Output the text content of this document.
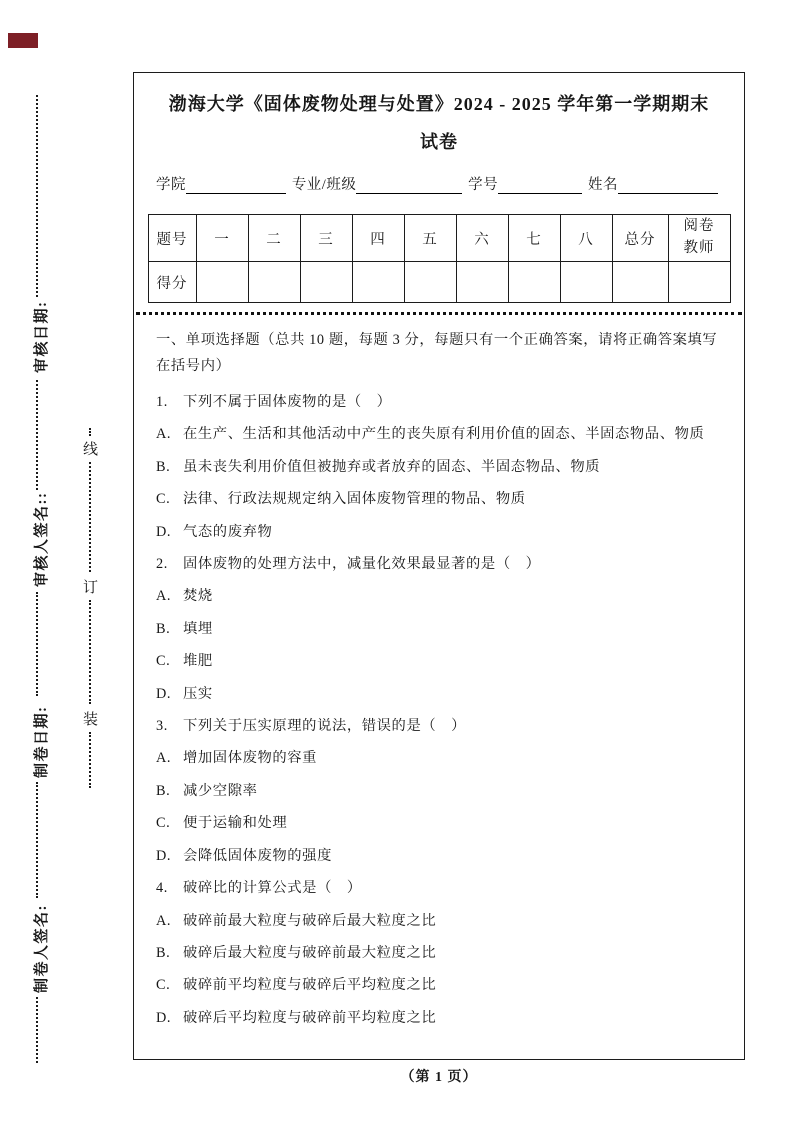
审核日期:
审核人签名::
制卷日期:
制卷人签名:
线
订
装
渤海大学《固体废物处理与处置》2024 - 2025 学年第一学期期末
试卷
学院	专业/班级	学号	姓名
题号	一	二	三	四	五	六	七	八	总分	阅卷
教师
得分										
一、单项选择题（总共 10 题，每题 3 分，每题只有一个正确答案，请将正确答案填写在括号内）
1. 下列不属于固体废物的是（　）
A. 在生产、生活和其他活动中产生的丧失原有利用价值的固态、半固态物品、物质
B. 虽未丧失利用价值但被抛弃或者放弃的固态、半固态物品、物质
C. 法律、行政法规规定纳入固体废物管理的物品、物质
D. 气态的废弃物
2. 固体废物的处理方法中，减量化效果最显著的是（　）
A. 焚烧
B. 填埋
C. 堆肥
D. 压实
3. 下列关于压实原理的说法，错误的是（　）
A. 增加固体废物的容重
B. 减少空隙率
C. 便于运输和处理
D. 会降低固体废物的强度
4. 破碎比的计算公式是（　）
A. 破碎前最大粒度与破碎后最大粒度之比
B. 破碎后最大粒度与破碎前最大粒度之比
C. 破碎前平均粒度与破碎后平均粒度之比
D. 破碎后平均粒度与破碎前平均粒度之比
（第 1 页）
